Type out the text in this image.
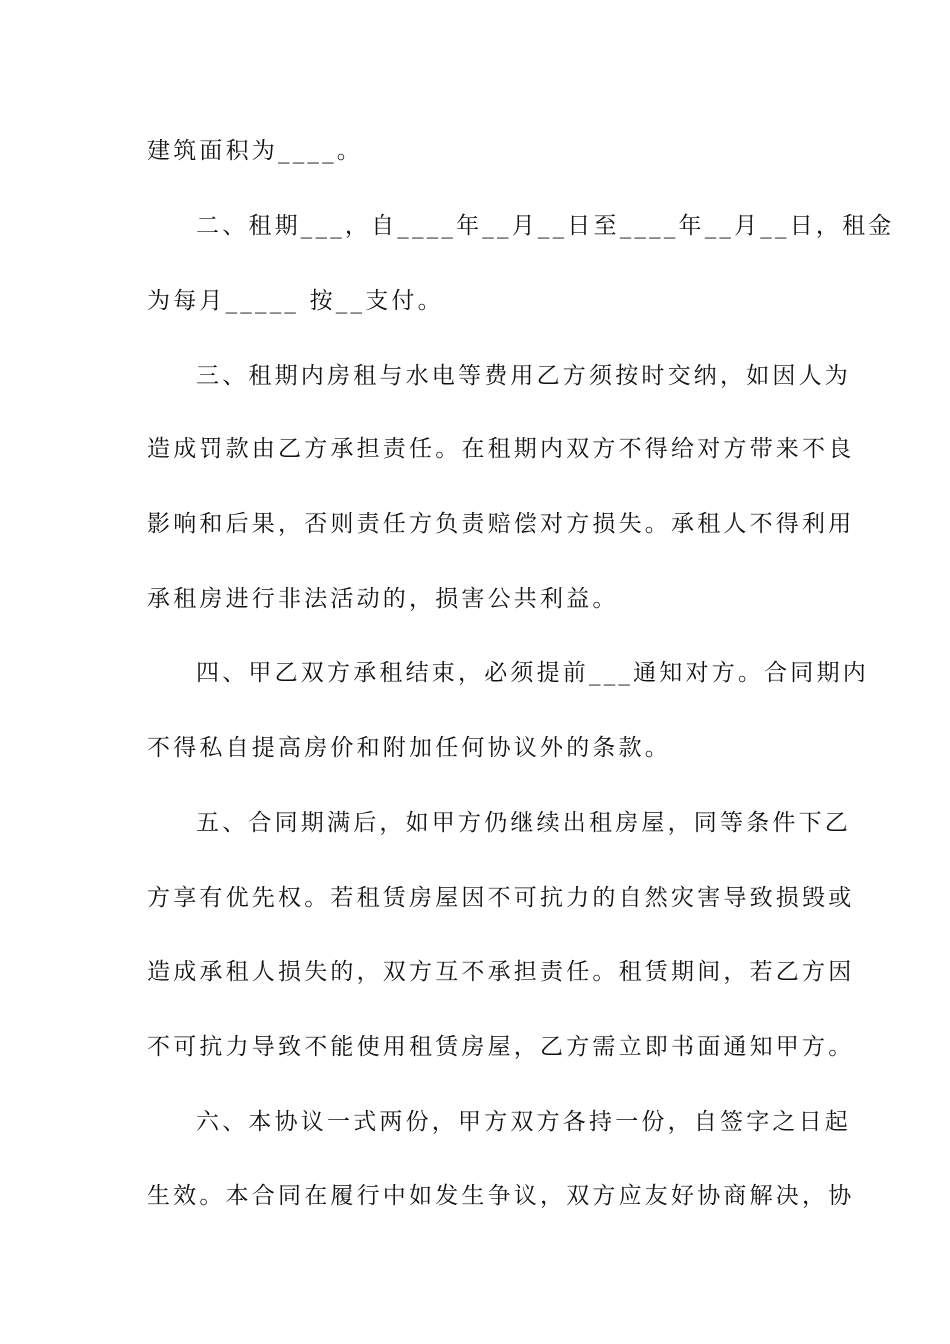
建筑面积为____。
二、租期___，自____年__月__日至____年__月__日，租金
为每月_____ 按__支付。
三、租期内房租与水电等费用乙方须按时交纳，如因人为
造成罚款由乙方承担责任。在租期内双方不得给对方带来不良
影响和后果，否则责任方负责赔偿对方损失。承租人不得利用
承租房进行非法活动的，损害公共利益。
四、甲乙双方承租结束，必须提前___通知对方。合同期内
不得私自提高房价和附加任何协议外的条款。
五、合同期满后，如甲方仍继续出租房屋，同等条件下乙
方享有优先权。若租赁房屋因不可抗力的自然灾害导致损毁或
造成承租人损失的，双方互不承担责任。租赁期间，若乙方因
不可抗力导致不能使用租赁房屋，乙方需立即书面通知甲方。
六、本协议一式两份，甲方双方各持一份，自签字之日起
生效。本合同在履行中如发生争议，双方应友好协商解决，协
